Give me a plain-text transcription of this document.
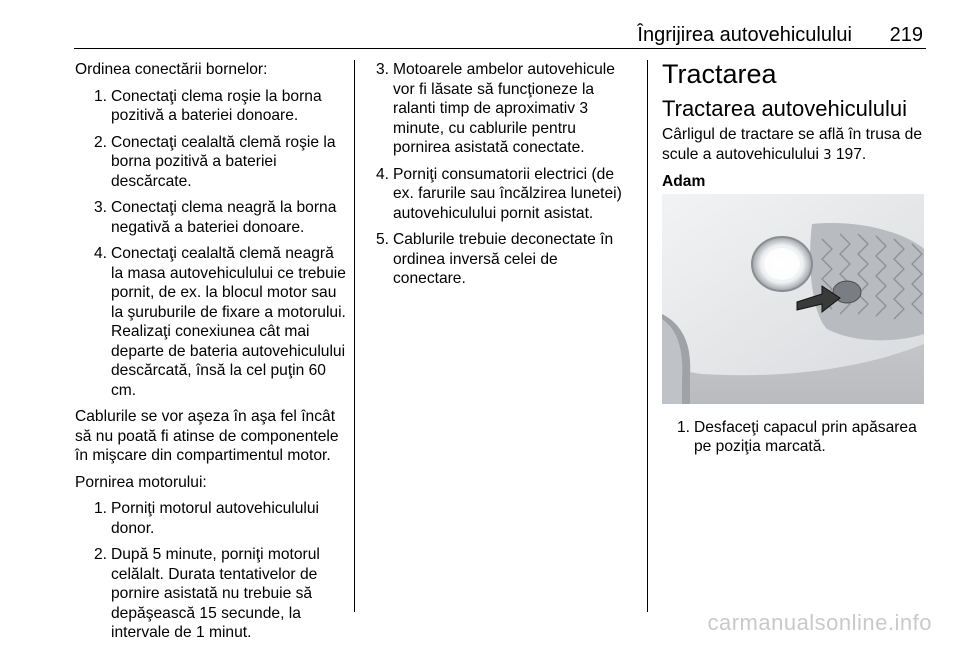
Îngrijirea autovehiculului 219

Ordinea conectării bornelor:

1. Conectaţi clema roşie la borna pozitivă a bateriei donoare.
2. Conectaţi cealaltă clemă roşie la borna pozitivă a bateriei descărcate.
3. Conectaţi clema neagră la borna negativă a bateriei donoare.
4. Conectaţi cealaltă clemă neagră la masa autovehiculului ce trebuie pornit, de ex. la blocul motor sau la şuruburile de fixare a motorului. Realizaţi conexiunea cât mai departe de bateria autovehiculului descărcată, însă la cel puţin 60 cm.

Cablurile se vor aşeza în aşa fel încât să nu poată fi atinse de componentele în mişcare din compartimentul motor.

Pornirea motorului:

1. Porniţi motorul autovehiculului donor.
2. După 5 minute, porniţi motorul celălalt. Durata tentativelor de pornire asistată nu trebuie să depăşească 15 secunde, la intervale de 1 minut.
3. Motoarele ambelor autovehicule vor fi lăsate să funcţioneze la ralanti timp de aproximativ 3 minute, cu cablurile pentru pornirea asistată conectate.
4. Porniţi consumatorii electrici (de ex. farurile sau încălzirea lunetei) autovehiculului pornit asistat.
5. Cablurile trebuie deconectate în ordinea inversă celei de conectare.
Tractarea
Tractarea autovehiculului

Cârligul de tractare se află în trusa de scule a autovehiculului 3 197.

Adam
1. Desfaceţi capacul prin apăsarea pe poziţia marcată.
carmanualsonline.info
